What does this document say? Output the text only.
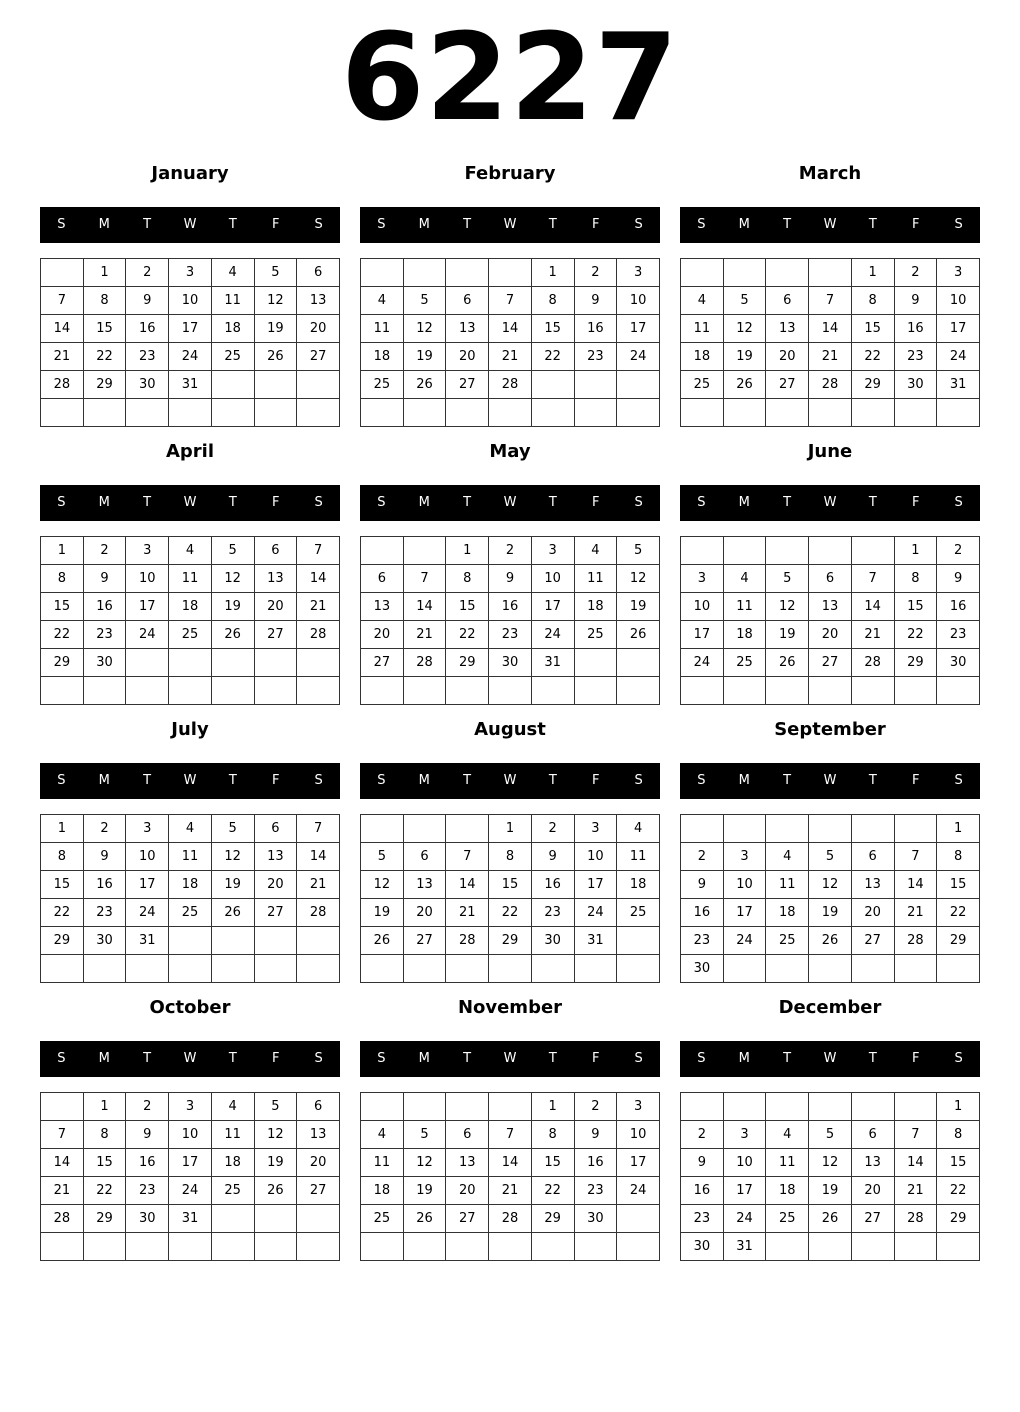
6227
January
S	M	T	W	T	F	S
	1	2	3	4	5	6
7	8	9	10	11	12	13
14	15	16	17	18	19	20
21	22	23	24	25	26	27
28	29	30	31			

February
S	M	T	W	T	F	S
				1	2	3
4	5	6	7	8	9	10
11	12	13	14	15	16	17
18	19	20	21	22	23	24
25	26	27	28			

March
S	M	T	W	T	F	S
				1	2	3
4	5	6	7	8	9	10
11	12	13	14	15	16	17
18	19	20	21	22	23	24
25	26	27	28	29	30	31

April
S	M	T	W	T	F	S
1	2	3	4	5	6	7
8	9	10	11	12	13	14
15	16	17	18	19	20	21
22	23	24	25	26	27	28
29	30					

May
S	M	T	W	T	F	S
		1	2	3	4	5
6	7	8	9	10	11	12
13	14	15	16	17	18	19
20	21	22	23	24	25	26
27	28	29	30	31		

June
S	M	T	W	T	F	S
					1	2
3	4	5	6	7	8	9
10	11	12	13	14	15	16
17	18	19	20	21	22	23
24	25	26	27	28	29	30

July
S	M	T	W	T	F	S
1	2	3	4	5	6	7
8	9	10	11	12	13	14
15	16	17	18	19	20	21
22	23	24	25	26	27	28
29	30	31				

August
S	M	T	W	T	F	S
			1	2	3	4
5	6	7	8	9	10	11
12	13	14	15	16	17	18
19	20	21	22	23	24	25
26	27	28	29	30	31	

September
S	M	T	W	T	F	S
						1
2	3	4	5	6	7	8
9	10	11	12	13	14	15
16	17	18	19	20	21	22
23	24	25	26	27	28	29
30						
October
S	M	T	W	T	F	S
	1	2	3	4	5	6
7	8	9	10	11	12	13
14	15	16	17	18	19	20
21	22	23	24	25	26	27
28	29	30	31			

November
S	M	T	W	T	F	S
				1	2	3
4	5	6	7	8	9	10
11	12	13	14	15	16	17
18	19	20	21	22	23	24
25	26	27	28	29	30	

December
S	M	T	W	T	F	S
						1
2	3	4	5	6	7	8
9	10	11	12	13	14	15
16	17	18	19	20	21	22
23	24	25	26	27	28	29
30	31					
